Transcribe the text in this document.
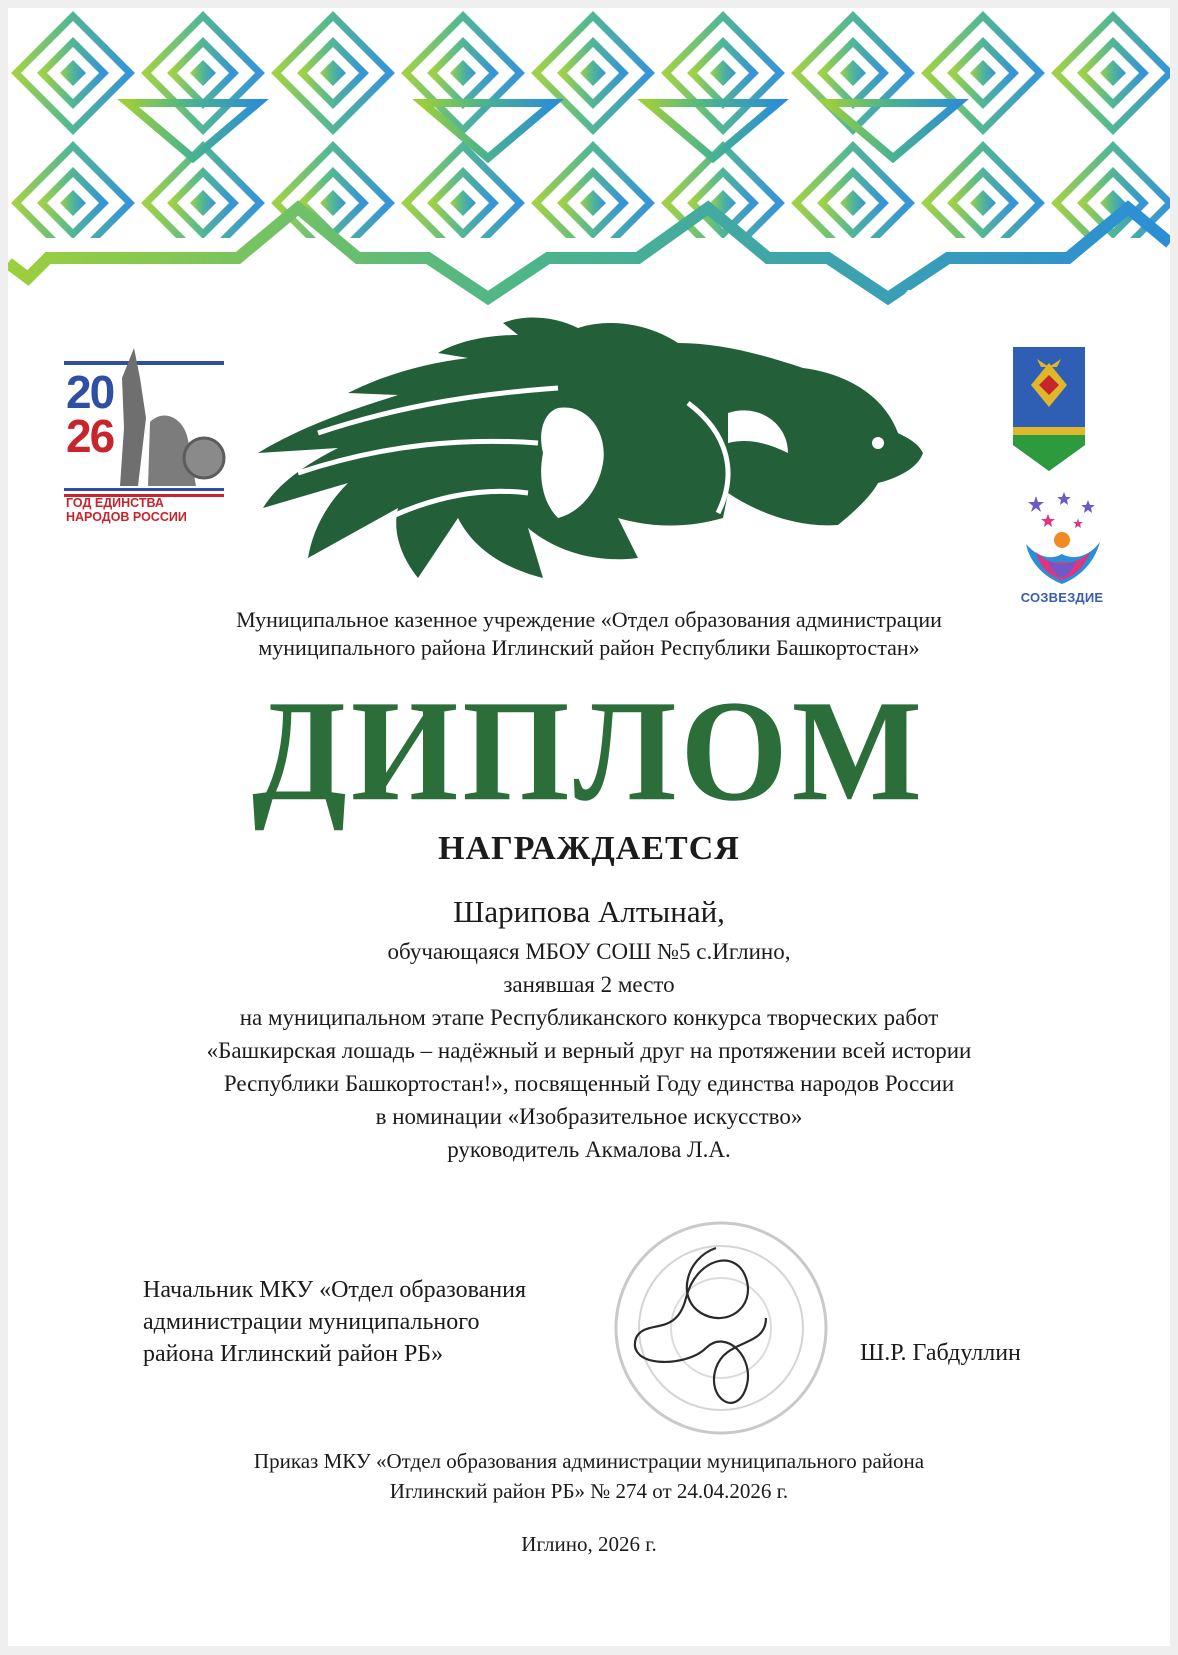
20
26
ГОД ЕДИНСТВА
НАРОДОВ РОССИИ
СОЗВЕЗДИЕ
Муниципальное казенное учреждение «Отдел образования администрации
муниципального района Иглинский район Республики Башкортостан»
ДИПЛОМ
НАГРАЖДАЕТСЯ
Шарипова Алтынай,
обучающаяся МБОУ СОШ №5 с.Иглино,
занявшая 2 место
на муниципальном этапе Республиканского конкурса творческих работ
«Башкирская лошадь – надёжный и верный друг на протяжении всей истории
Республики Башкортостан!», посвященный Году единства народов России
в номинации «Изобразительное искусство»
руководитель Акмалова Л.А.
Начальник МКУ «Отдел образования
администрации муниципального
района Иглинский район РБ»	Ш.Р. Габдуллин
Приказ МКУ «Отдел образования администрации муниципального района
Иглинский район РБ» № 274 от 24.04.2026 г.
Иглино, 2026 г.
